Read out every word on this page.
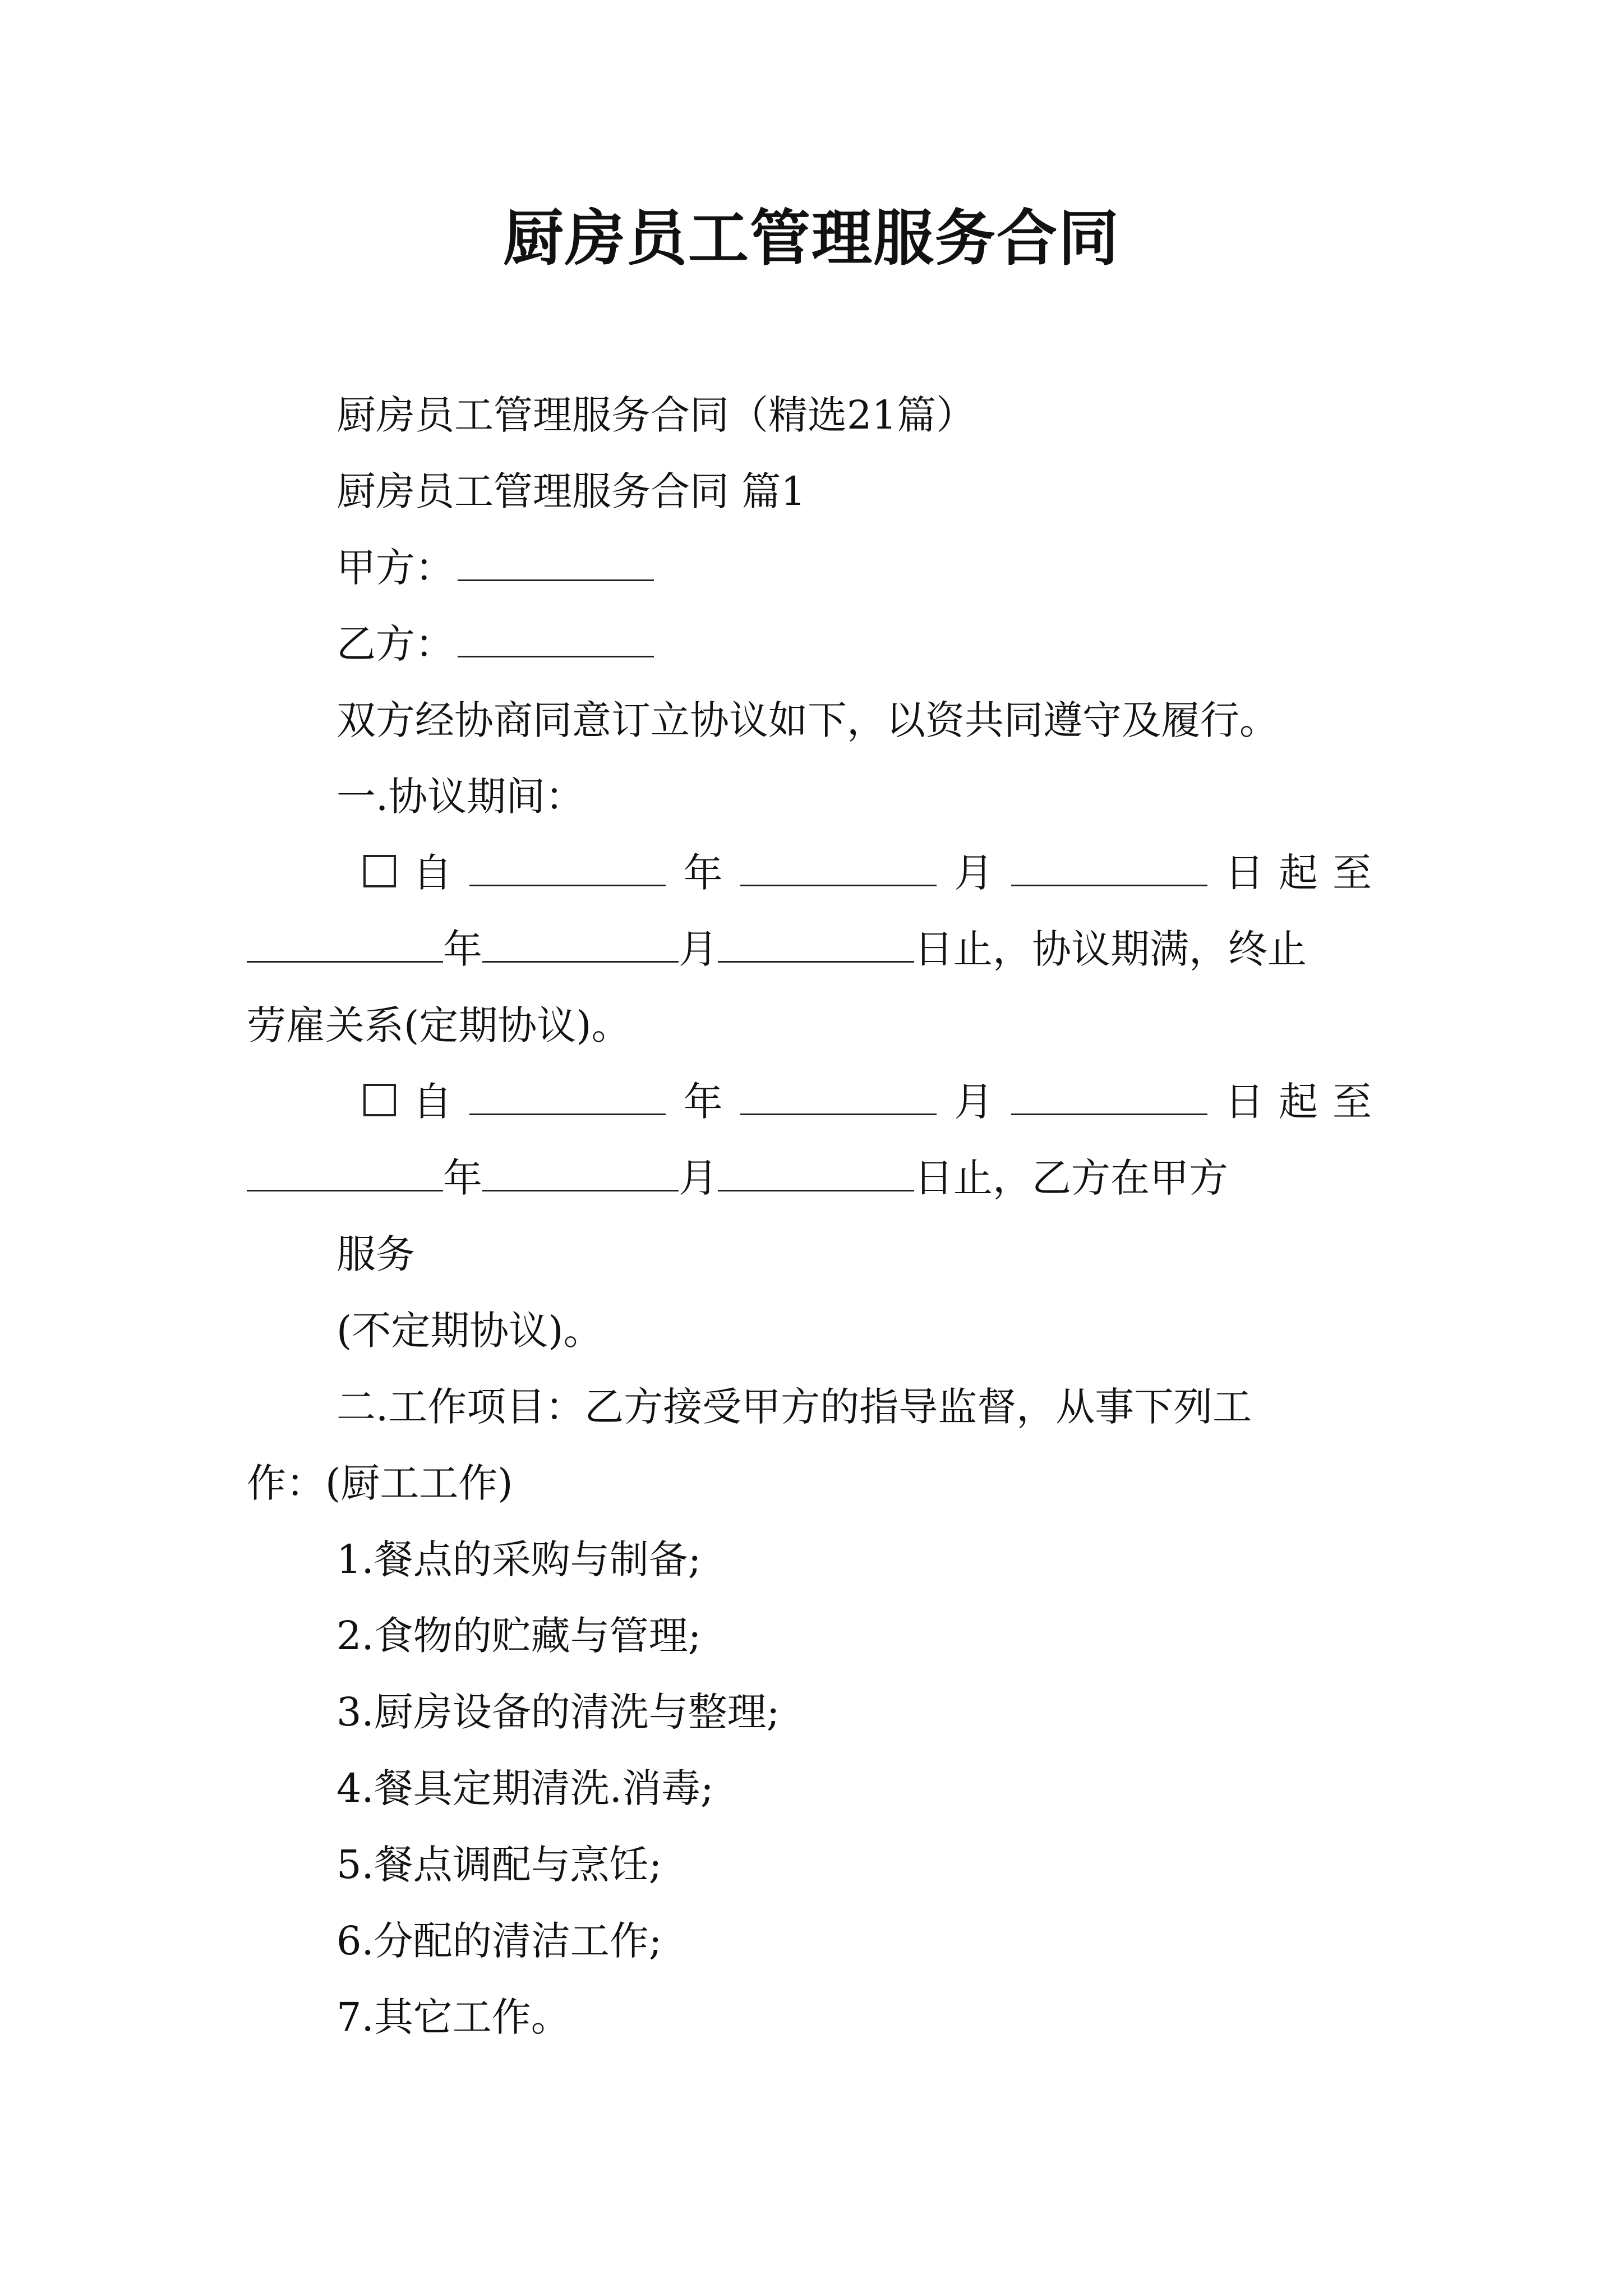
厨房员工管理服务合同
厨房员工管理服务合同（精选21篇）
厨房员工管理服务合同 篇1
甲方：
乙方：
双方经协商同意订立协议如下，以资共同遵守及履行。
一.协议期间：
自	年	月	日起至
年	月	日止，协议期满，终止
劳雇关系(定期协议)。
自	年	月	日起至
年	月	日止，乙方在甲方
服务
(不定期协议)。
二.工作项目：乙方接受甲方的指导监督，从事下列工
作：(厨工工作)
1.餐点的采购与制备;
2.食物的贮藏与管理;
3.厨房设备的清洗与整理;
4.餐具定期清洗.消毒;
5.餐点调配与烹饪;
6.分配的清洁工作;
7.其它工作。
